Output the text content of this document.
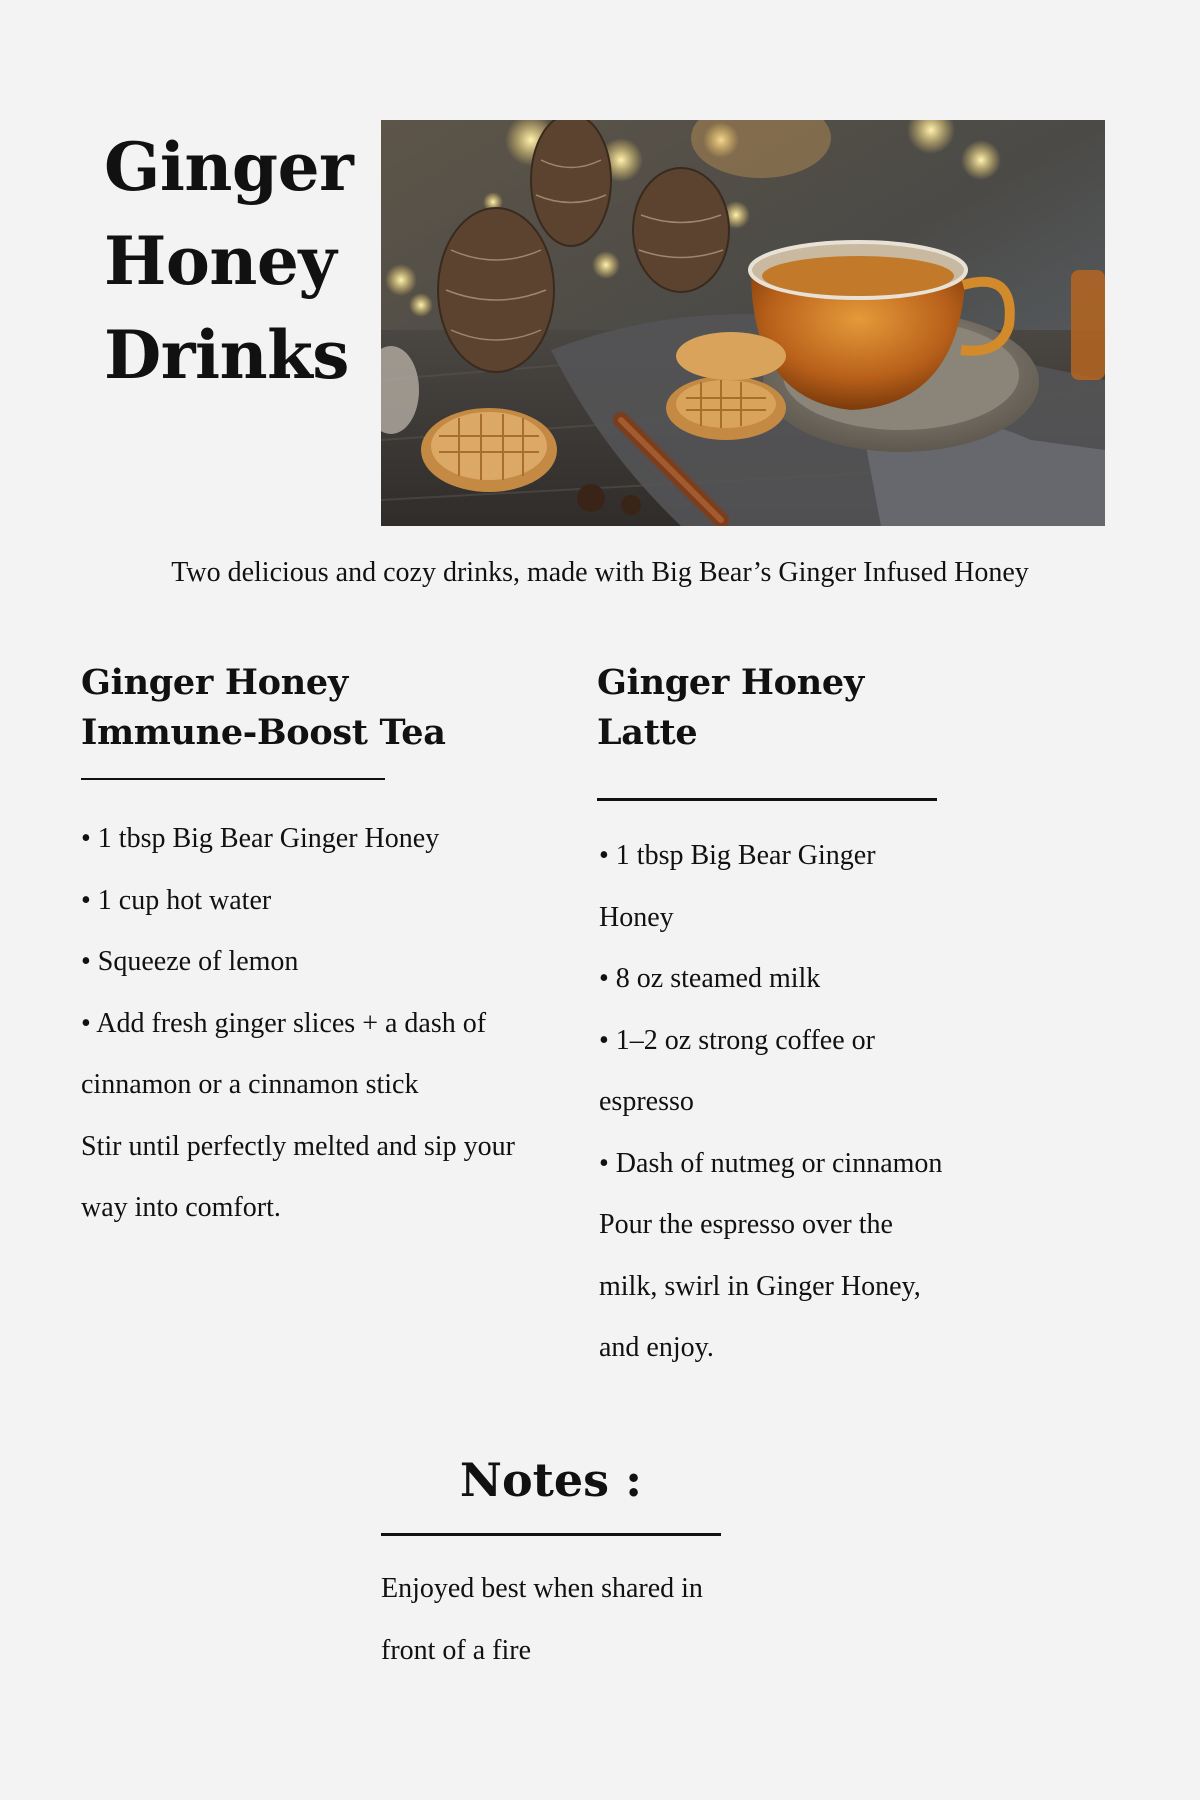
Ginger
Honey
Drinks

Two delicious and cozy drinks, made with Big Bear’s Ginger Infused Honey

Ginger Honey Immune-Boost Tea

• 1 tbsp Big Bear Ginger Honey

• 1 cup hot water

• Squeeze of lemon

• Add fresh ginger slices + a dash of cinnamon or a cinnamon stick

Stir until perfectly melted and sip your way into comfort.

Ginger Honey Latte

• 1 tbsp Big Bear Ginger Honey

• 8 oz steamed milk

• 1–2 oz strong coffee or espresso

• Dash of nutmeg or cinnamon

Pour the espresso over the milk, swirl in Ginger Honey, and enjoy.

Notes :

Enjoyed best when shared in front of a fire
